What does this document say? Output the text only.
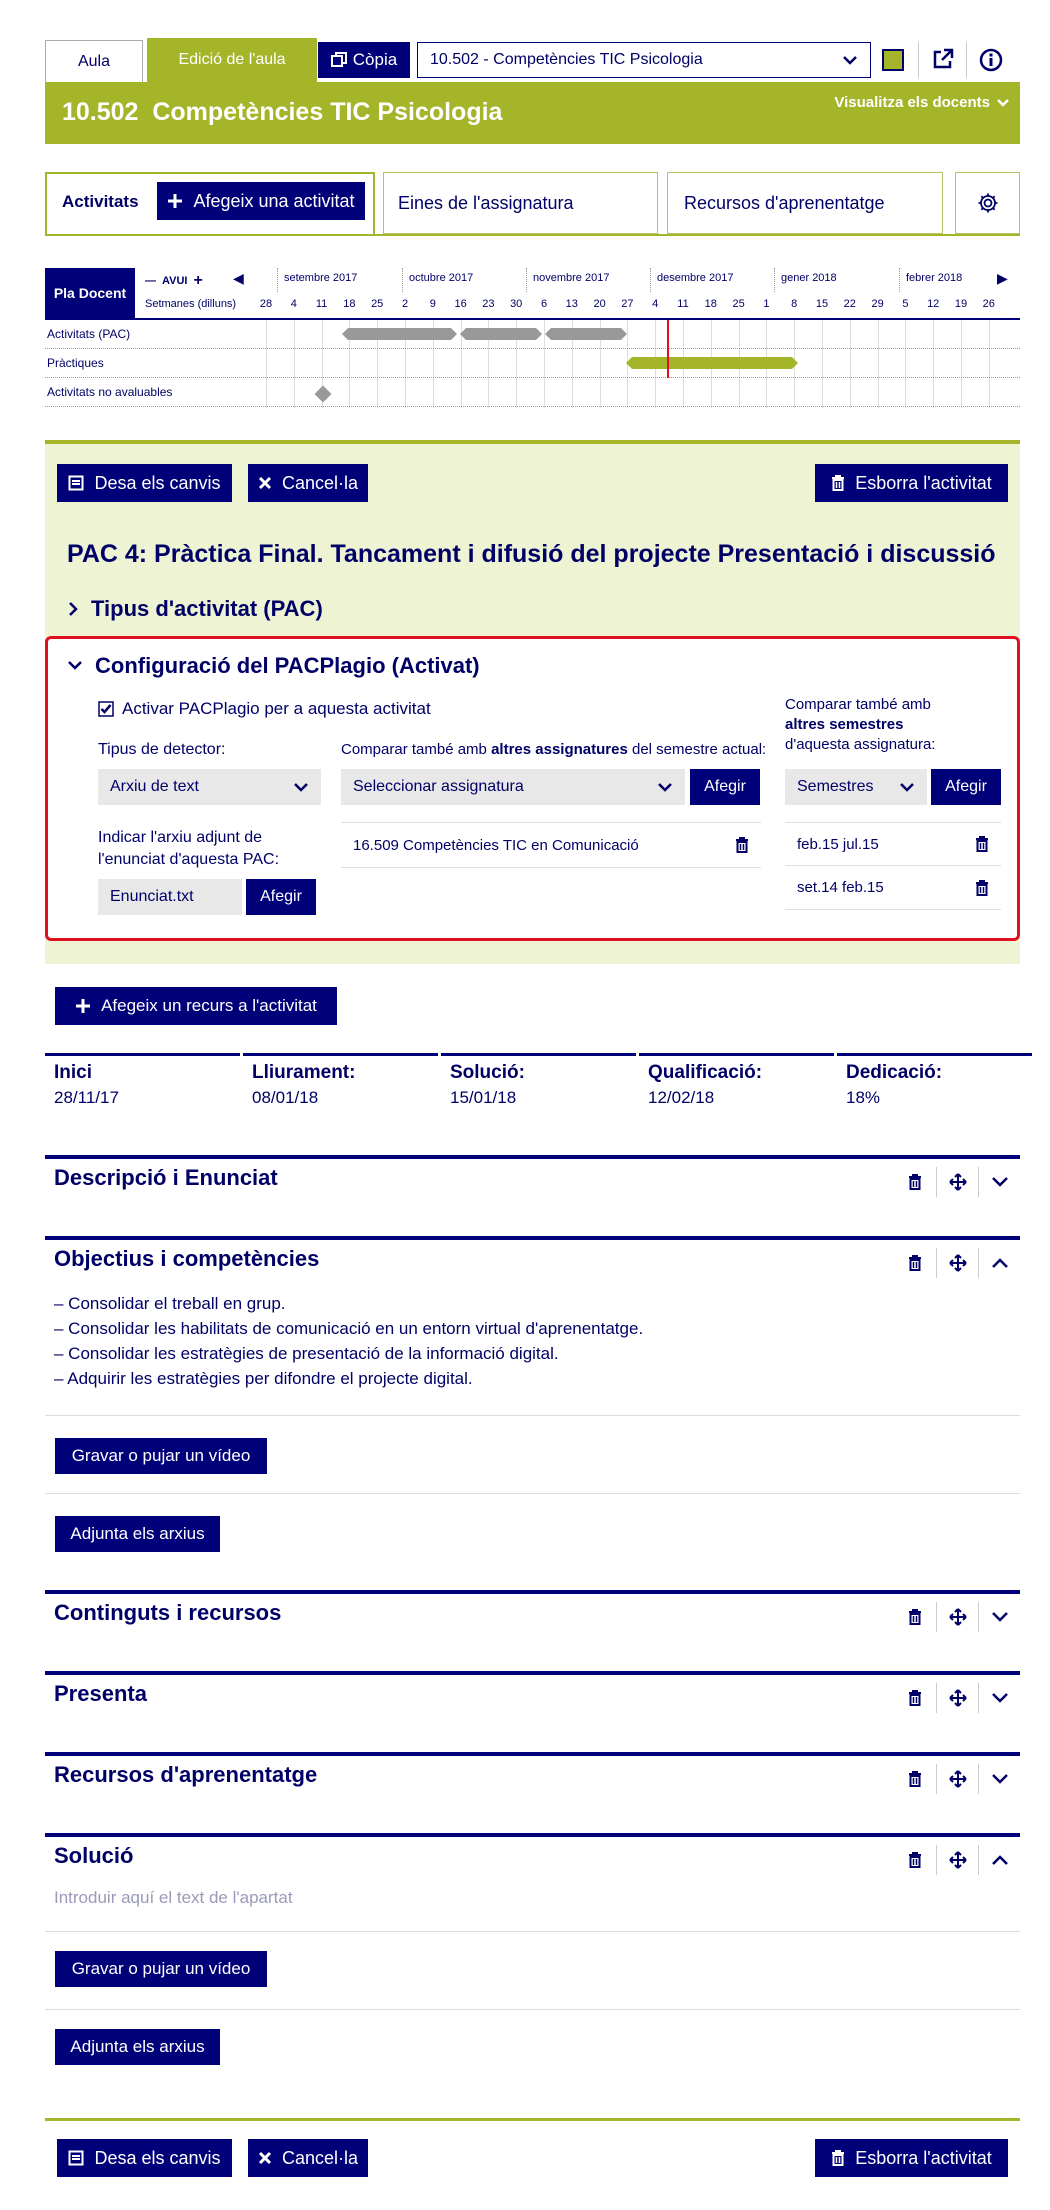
Aula	Edició de l'aula	Còpia 10.502 - Competències TIC Psicologia
10.502  Competències TIC Psicologia	Visualitza els docents
Activitats	Afegeix una activitat Eines de l'assignatura	Recursos d'aprenentatge
Pla Docent
— AVUI + ◀	▶
setembre 2017	octubre 2017	novembre 2017	desembre 2017	gener 2018	febrer 2018
Setmanes (dilluns)	28	4	11	18	25	2	9	16	23	30	6	13	20	27	4	11	18	25	1	8	15	22	29	5	12	19	26
Activitats (PAC)
Pràctiques
Activitats no avaluables
Desa els canvis	Cancel·la	Esborra l'activitat
PAC 4: Pràctica Final. Tancament i difusió del projecte Presentació i discussió
Tipus d'activitat (PAC)
Configuració del PACPlagio (Activat)
Activar PACPlagio per a aquesta activitat
Tipus de detector:
Arxiu de text
Indicar l'arxiu adjunt de l'enunciat d'aquesta PAC:
Enunciat.txt	Afegir
Comparar també amb altres assignatures del semestre actual:
Seleccionar assignatura	Afegir
16.509 Competències TIC en Comunicació
Comparar també amb
altres semestres
d'aquesta assignatura:
Semestres	Afegir
feb.15 jul.15
set.14 feb.15
Afegeix un recurs a l'activitat
Inici
28/11/17
Lliurament:
08/01/18
Solució:
15/01/18
Qualificació:
12/02/18
Dedicació:
18%
Descripció i Enunciat
Objectius i competències
– Consolidar el treball en grup.
– Consolidar les habilitats de comunicació en un entorn virtual d'aprenentatge.
– Consolidar les estratègies de presentació de la informació digital.
– Adquirir les estratègies per difondre el projecte digital.
Gravar o pujar un vídeo
Adjunta els arxius
Continguts i recursos
Presenta
Recursos d'aprenentatge
Solució
Introduir aquí el text de l'apartat
Gravar o pujar un vídeo
Adjunta els arxius
Desa els canvis	Cancel·la	Esborra l'activitat
